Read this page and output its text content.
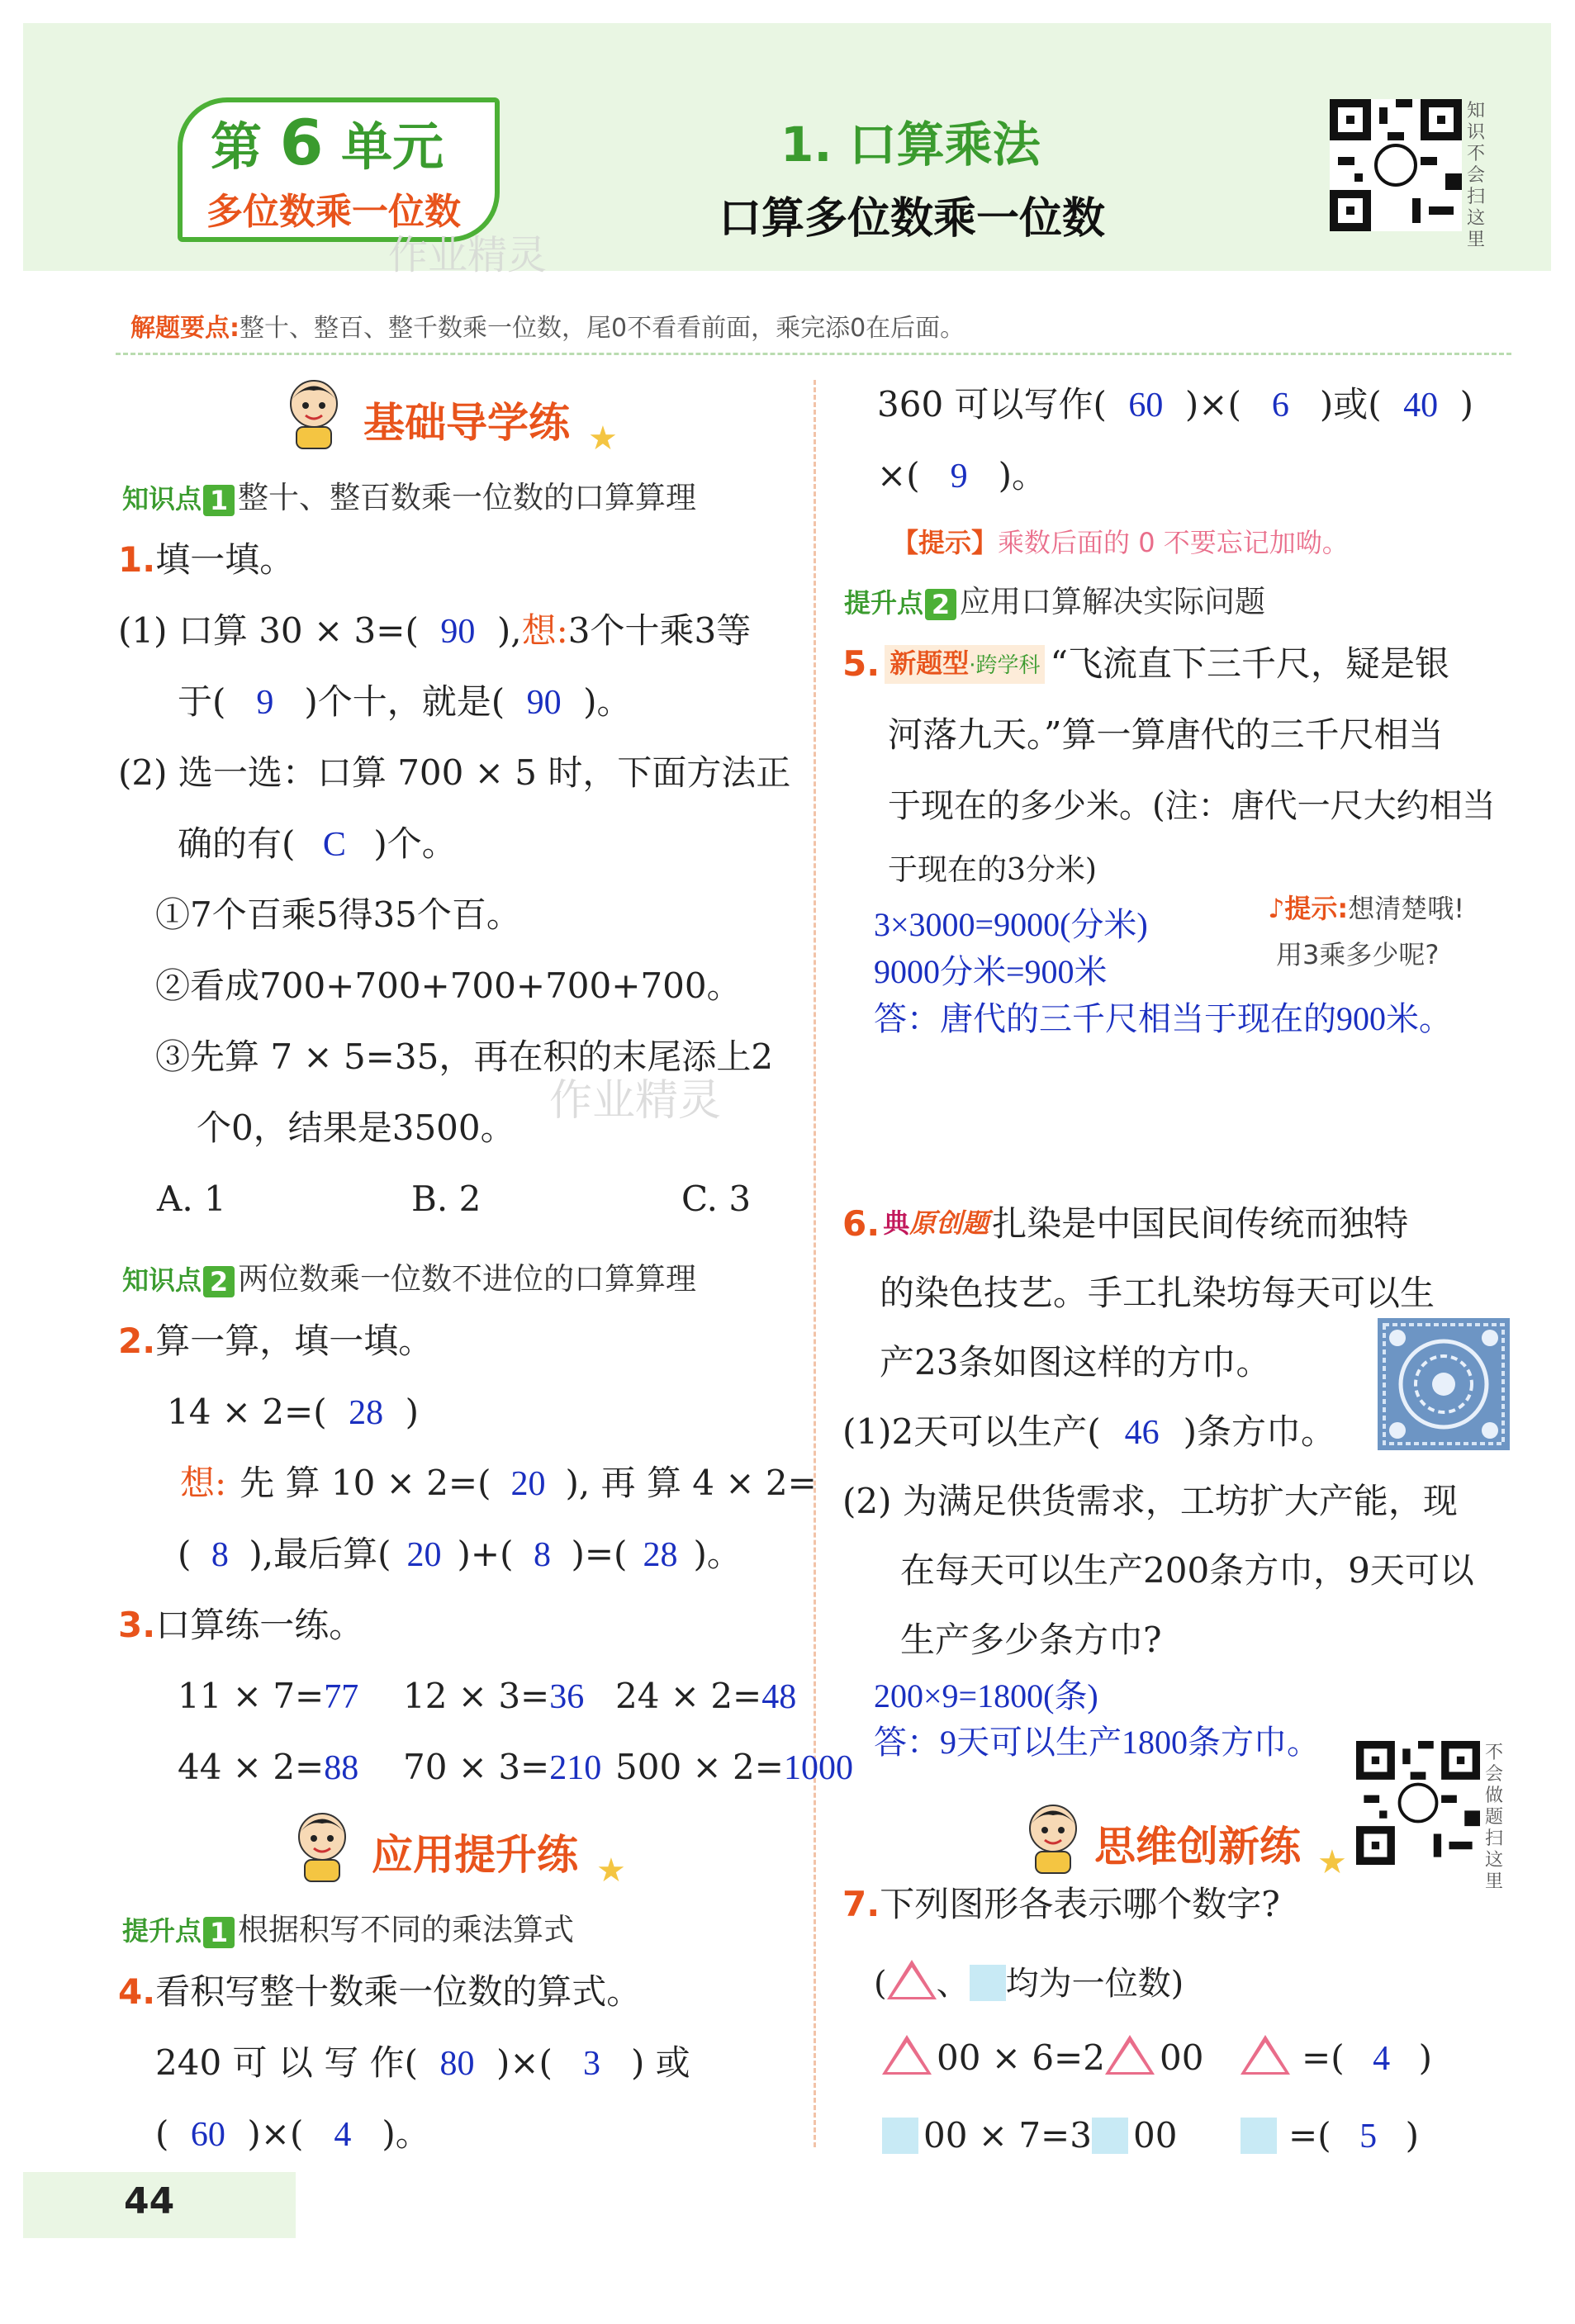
第 6 单元
多位数乘一位数
1. 口算乘法
口算多位数乘一位数
作业精灵
知识不会扫这里
解题要点:整十、整百、整千数乘一位数，尾0不看看前面，乘完添0在后面。
基础导学练 ★
知识点 1 整十、整百数乘一位数的口算算理
1.填一填。
(1) 口算 30 × 3=( 90 ),想:3个十乘3等
于( 9 )个十，就是( 90 )。
(2) 选一选：口算 700 × 5 时，下面方法正
确的有( C )个。
①7个百乘5得35个百。
②看成700+700+700+700+700。
③先算 7 × 5=35，再在积的末尾添上2
个0，结果是3500。
作业精灵
A. 1	B. 2	C. 3
知识点 2 两位数乘一位数不进位的口算算理
2.算一算，填一填。
14 × 2=( 28 )
想: 先 算 10 × 2=( 20 ), 再 算 4 × 2=
( 8 ),最后算( 20 )+( 8 )=( 28 )。
3.口算练一练。
11 × 7=77 12 × 3=36 24 × 2=48
44 × 2=88 70 × 3=210 500 × 2=1000
应用提升练 ★
提升点 1 根据积写不同的乘法算式
4.看积写整十数乘一位数的算式。
240 可 以 写 作( 80 )×( 3 ) 或
( 60 )×( 4 )。
44
360 可以写作( 60 )×( 6 )或( 40 )
×( 9 )。
【提示】乘数后面的 0 不要忘记加呦。
提升点 2 应用口算解决实际问题
5. 新题型·跨学科 “飞流直下三千尺，疑是银
河落九天。”算一算唐代的三千尺相当
于现在的多少米。(注：唐代一尺大约相当
于现在的3分米)
3×3000=9000(分米)
9000分米=900米
答：唐代的三千尺相当于现在的900米。
♪提示:想清楚哦!
用3乘多少呢?
6. 典原创题扎染是中国民间传统而独特
的染色技艺。手工扎染坊每天可以生
产23条如图这样的方巾。
(1)2天可以生产( 46 )条方巾。
(2) 为满足供货需求，工坊扩大产能，现
在每天可以生产200条方巾，9天可以
生产多少条方巾?
200×9=1800(条)
答：9天可以生产1800条方巾。
思维创新练 ★
不会做题扫这里
7.下列图形各表示哪个数字?
( 、 均为一位数)
00 × 6=2 00	=( 4 )
00 × 7=3 00	=( 5 )
